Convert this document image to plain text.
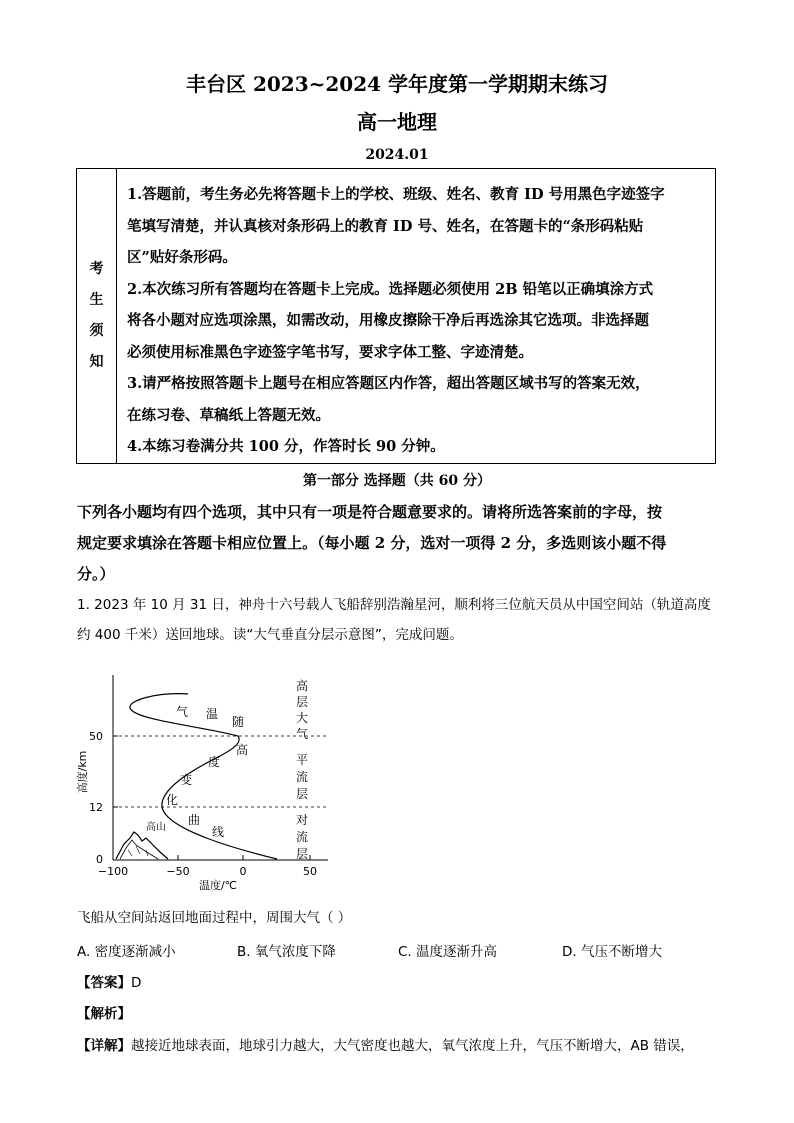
丰台区 2023~2024 学年度第一学期期末练习
高一地理
2024.01
考
生
须
知
1.答题前，考生务必先将答题卡上的学校、班级、姓名、教育 ID 号用黑色字迹签字
笔填写清楚，并认真核对条形码上的教育 ID 号、姓名，在答题卡的“条形码粘贴
区”贴好条形码。
2.本次练习所有答题均在答题卡上完成。选择题必须使用 2B 铅笔以正确填涂方式
将各小题对应选项涂黑，如需改动，用橡皮擦除干净后再选涂其它选项。非选择题
必须使用标准黑色字迹签字笔书写，要求字体工整、字迹清楚。
3.请严格按照答题卡上题号在相应答题区内作答，超出答题区域书写的答案无效，
在练习卷、草稿纸上答题无效。
4.本练习卷满分共 100 分，作答时长 90 分钟。
第一部分 选择题（共 60 分）
下列各小题均有四个选项，其中只有一项是符合题意要求的。请将所选答案前的字母，按
规定要求填涂在答题卡相应位置上。（每小题 2 分，选对一项得 2 分，多选则该小题不得
分。）
1. 2023 年 10 月 31 日，神舟十六号载人飞船辞别浩瀚星河，顺利将三位航天员从中国空间站（轨道高度
约 400 千米）送回地球。读“大气垂直分层示意图”，完成问题。
高度/km
50
12
0
−100	−50	0	50
温度/℃
气 温
随
高
度
变
化
曲
线
高山
高
层
大
气
平
流
层
对
流
层
飞船从空间站返回地面过程中，周围大气（ ）
A. 密度逐渐减小	B. 氧气浓度下降	C. 温度逐渐升高	D. 气压不断增大
【答案】D
【解析】
【详解】越接近地球表面，地球引力越大，大气密度也越大，氧气浓度上升，气压不断增大，AB 错误，
